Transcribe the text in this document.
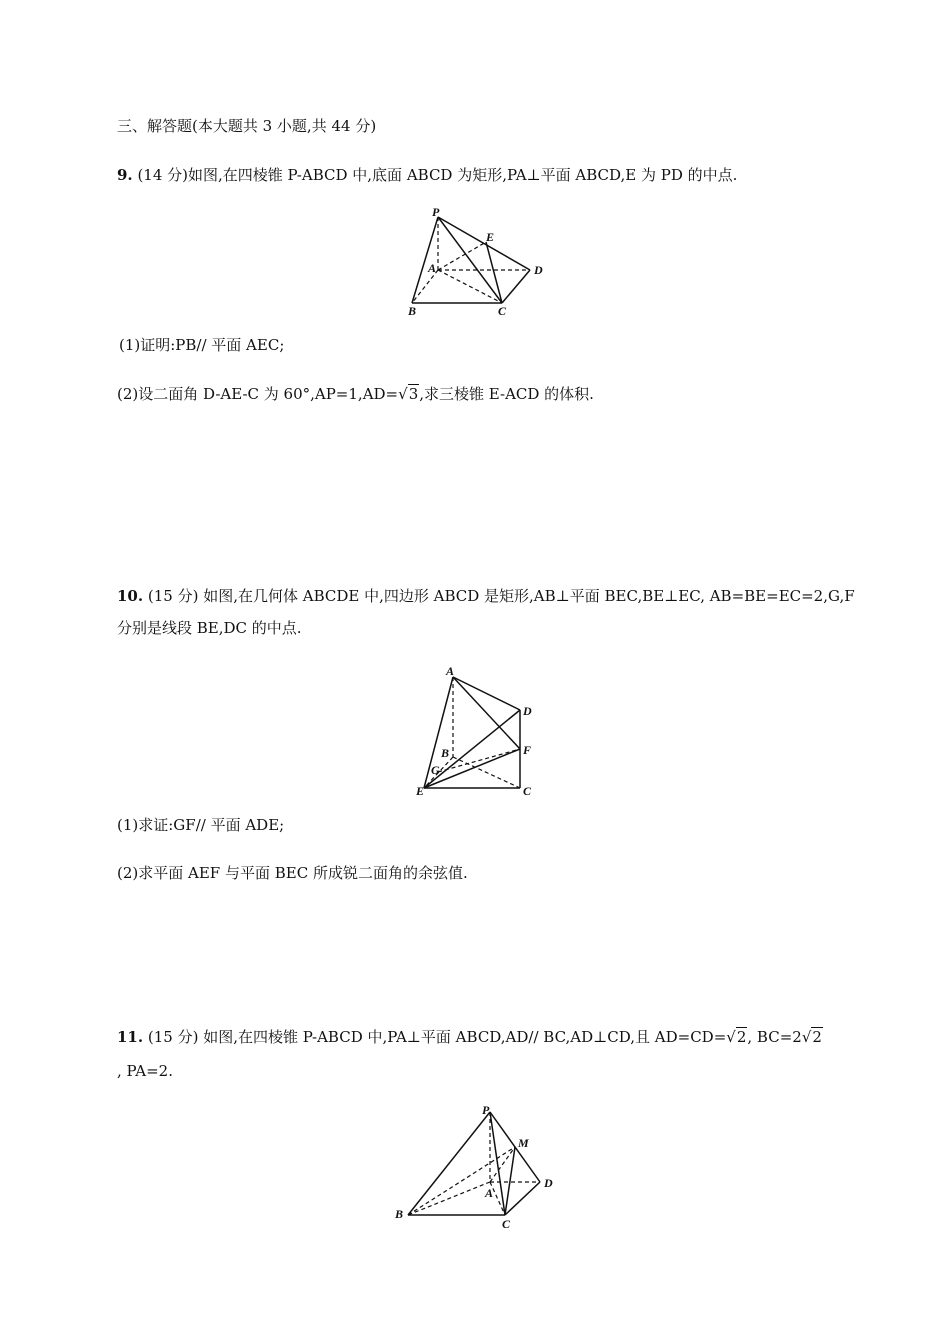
三、解答题(本大题共 3 小题,共 44 分)
9. (14 分)如图,在四棱锥 P-ABCD 中,底面 ABCD 为矩形,PA⊥平面 ABCD,E 为 PD 的中点.
P
E
A	D
B	C
(1)证明:PB// 平面 AEC;
(2)设二面角 D-AE-C 为 60°,AP=1,AD=√3,求三棱锥 E-ACD 的体积.
10. (15 分) 如图,在几何体 ABCDE 中,四边形 ABCD 是矩形,AB⊥平面 BEC,BE⊥EC, AB=BE=EC=2,G,F
分别是线段 BE,DC 的中点.
A
D
B	F
G
E	C
(1)求证:GF// 平面 ADE;
(2)求平面 AEF 与平面 BEC 所成锐二面角的余弦值.
11. (15 分) 如图,在四棱锥 P-ABCD 中,PA⊥平面 ABCD,AD// BC,AD⊥CD,且 AD=CD=√2, BC=2√2
, PA=2.
P
M
A
D
B
C
